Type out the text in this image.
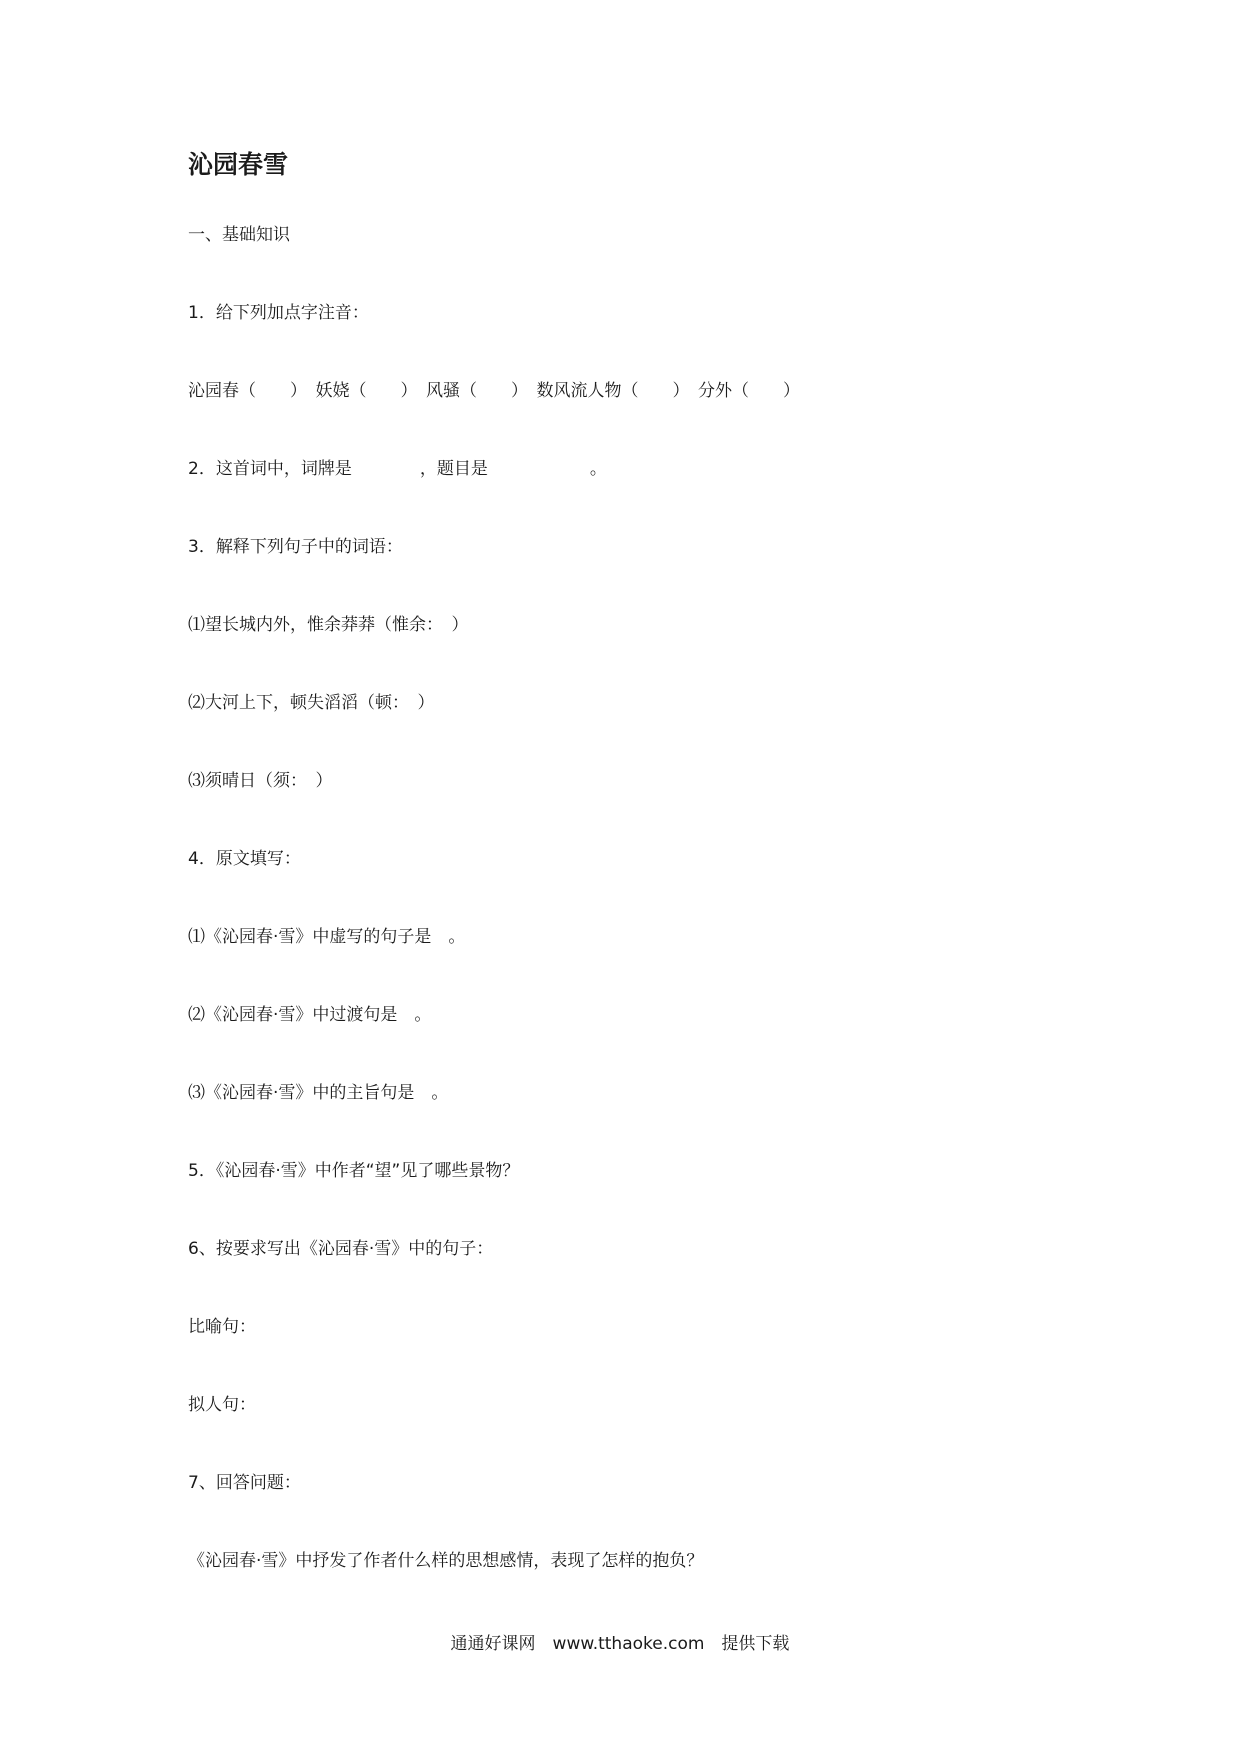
沁园春雪
一、基础知识
1．给下列加点字注音：
沁园春（　　）　妖娆（　　）　风骚（　　）　数风流人物（　　）　分外（　　）
2．这首词中，词牌是　　　　，题目是　　　　　　。
3．解释下列句子中的词语：
⑴望长城内外，惟余莽莽（惟余：　）
⑵大河上下，顿失滔滔（顿：　）
⑶须晴日（须：　）
4．原文填写：
⑴《沁园春·雪》中虚写的句子是　。
⑵《沁园春·雪》中过渡句是　。
⑶《沁园春·雪》中的主旨句是　。
5．《沁园春·雪》中作者“望”见了哪些景物？
6、按要求写出《沁园春·雪》中的句子：
比喻句：
拟人句：
7、回答问题：
《沁园春·雪》中抒发了作者什么样的思想感情，表现了怎样的抱负？
通通好课网　www.tthaoke.com　提供下载
